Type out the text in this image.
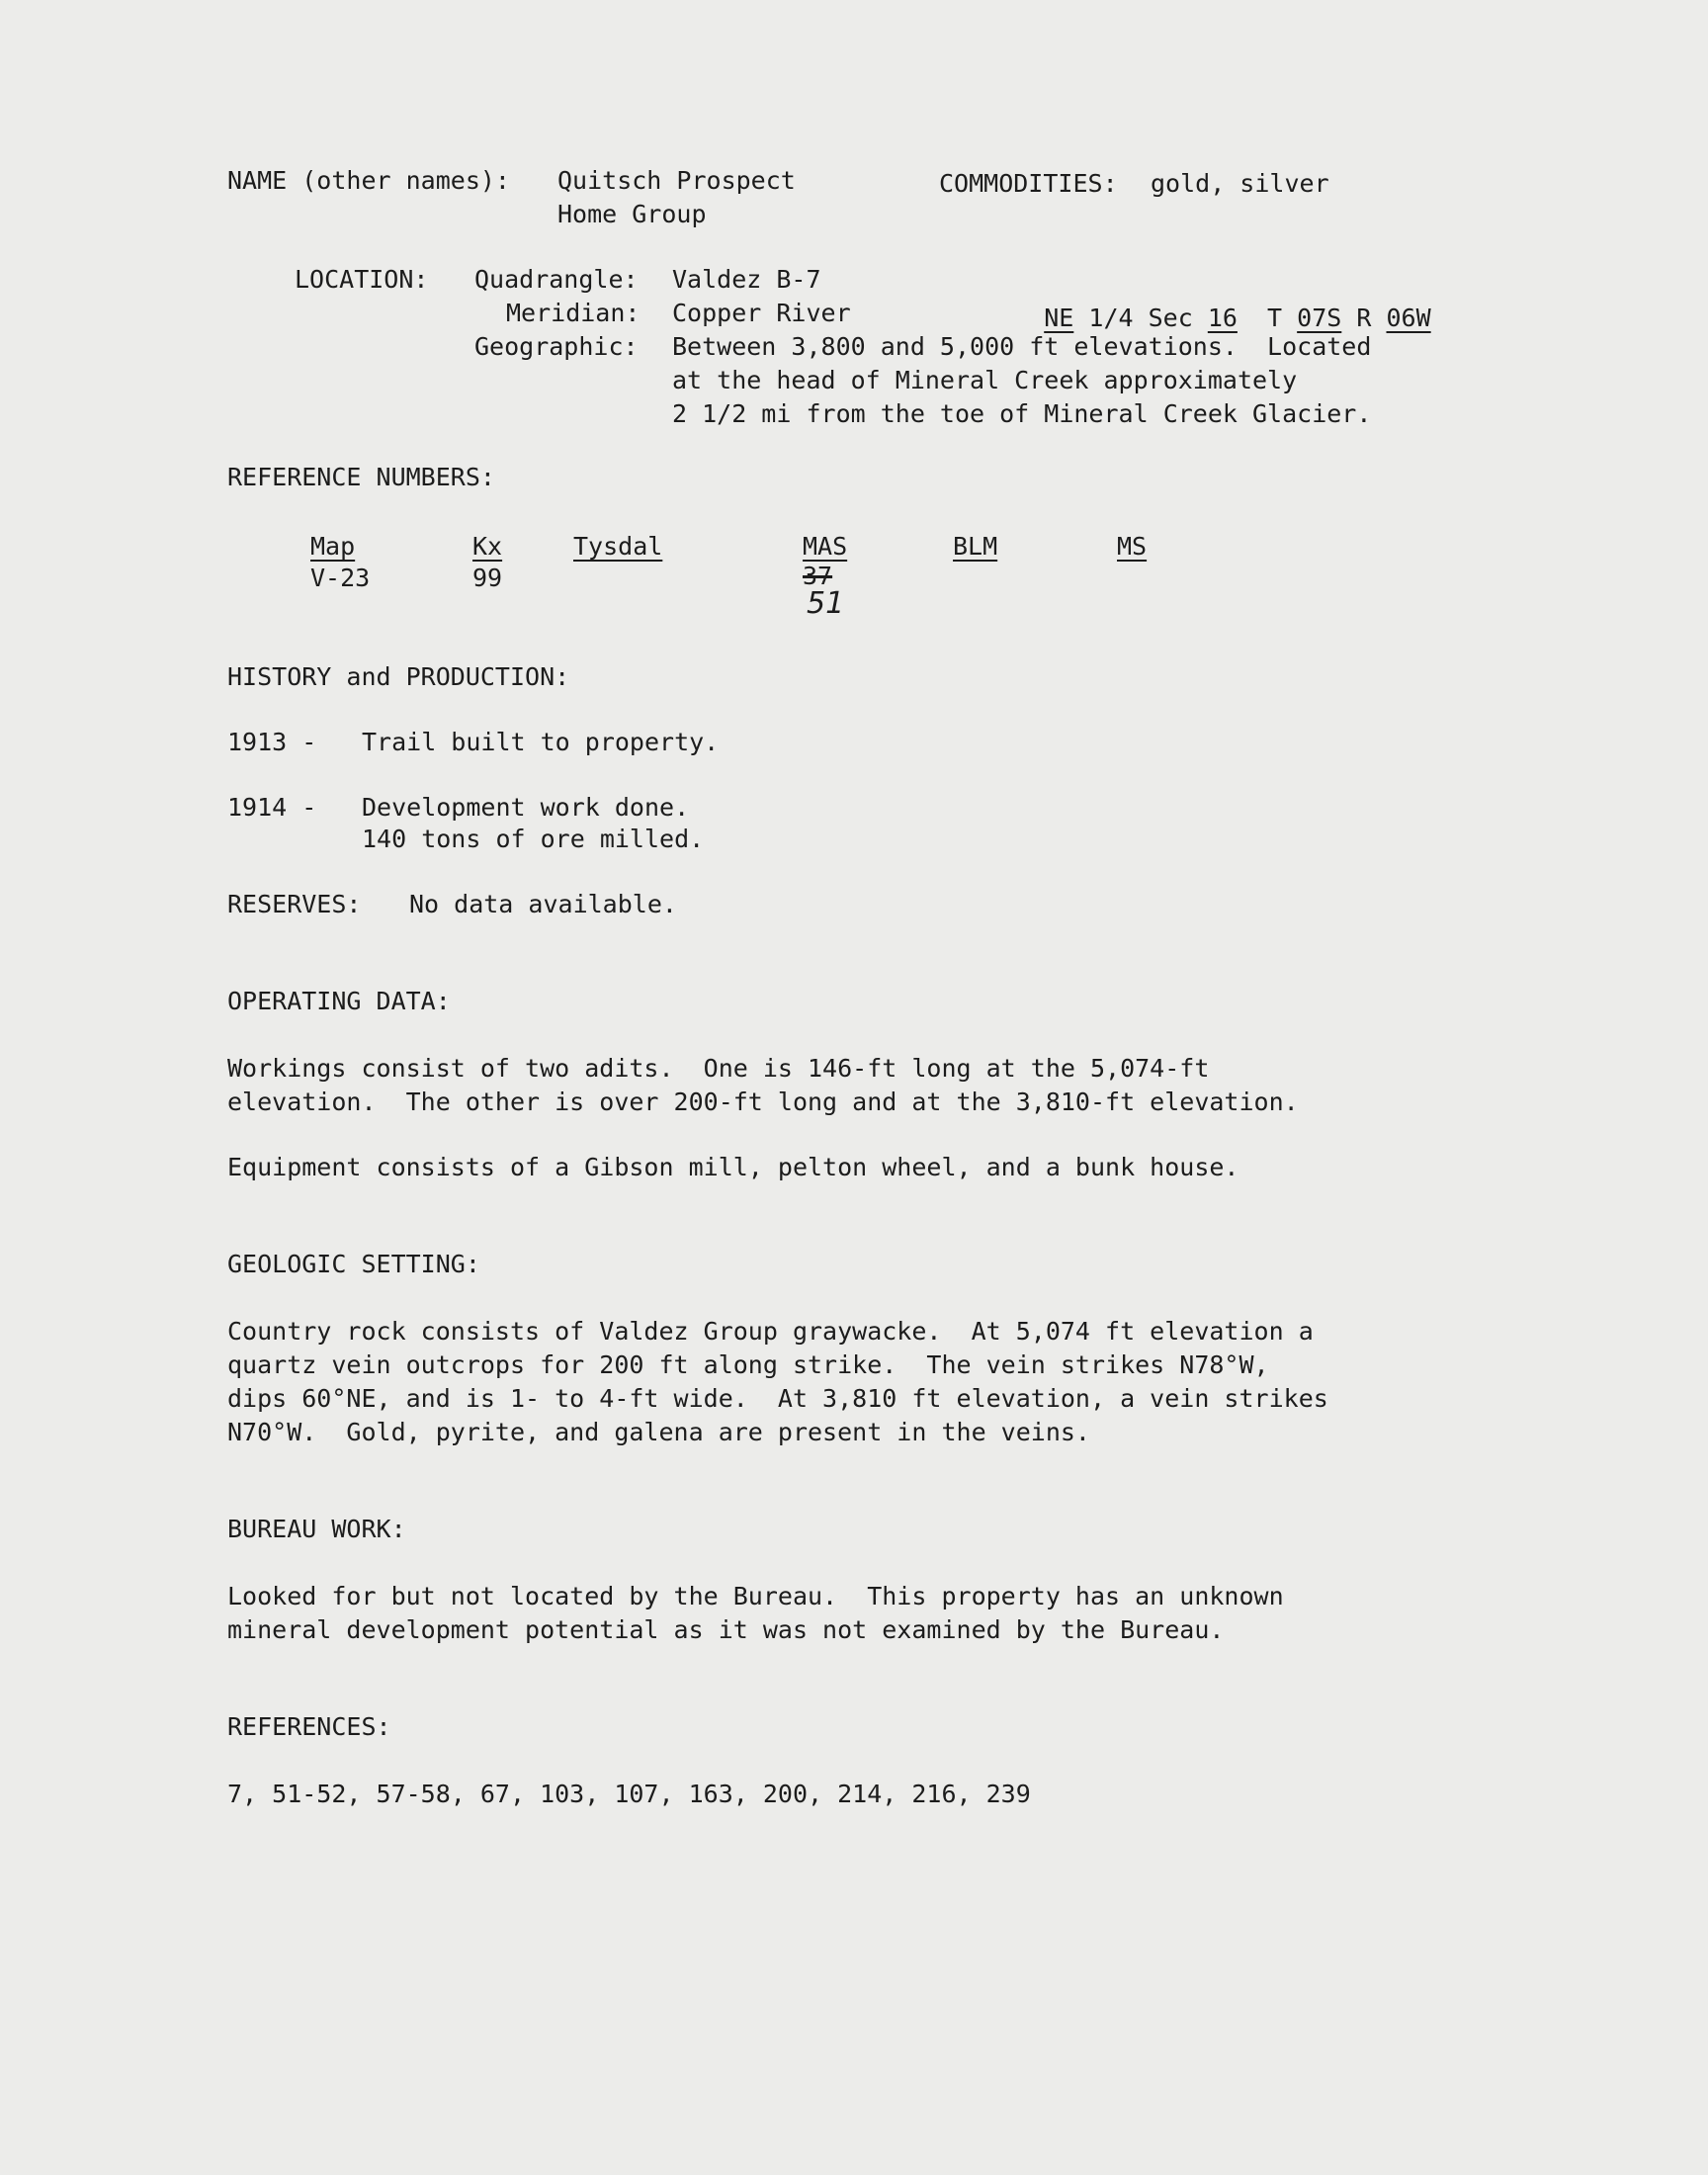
NAME (other names): Quitsch Prospect
Home Group
COMMODITIES: gold, silver
LOCATION: Quadrangle: Valdez B-7

NE 1/4 Sec 16 T 07S R 06W

Meridian: Copper River
Geographic: Between 3,800 and 5,000 ft elevations.  Located
at the head of Mineral Creek approximately
2 1/2 mi from the toe of Mineral Creek Glacier.
REFERENCE NUMBERS:
Map
V-23
Kx
99
Tysdal	MAS
37
51
BLM	MS
HISTORY and PRODUCTION:
1913 - Trail built to property.
1914 - Development work done.
140 tons of ore milled.
RESERVES: No data available.
OPERATING DATA:
Workings consist of two adits.  One is 146-ft long at the 5,074-ft
elevation.  The other is over 200-ft long and at the 3,810-ft elevation.
Equipment consists of a Gibson mill, pelton wheel, and a bunk house.
GEOLOGIC SETTING:
Country rock consists of Valdez Group graywacke.  At 5,074 ft elevation a
quartz vein outcrops for 200 ft along strike.  The vein strikes N78°W,
dips 60°NE, and is 1- to 4-ft wide.  At 3,810 ft elevation, a vein strikes
N70°W.  Gold, pyrite, and galena are present in the veins.
BUREAU WORK:
Looked for but not located by the Bureau.  This property has an unknown
mineral development potential as it was not examined by the Bureau.
REFERENCES:
7, 51-52, 57-58, 67, 103, 107, 163, 200, 214, 216, 239
